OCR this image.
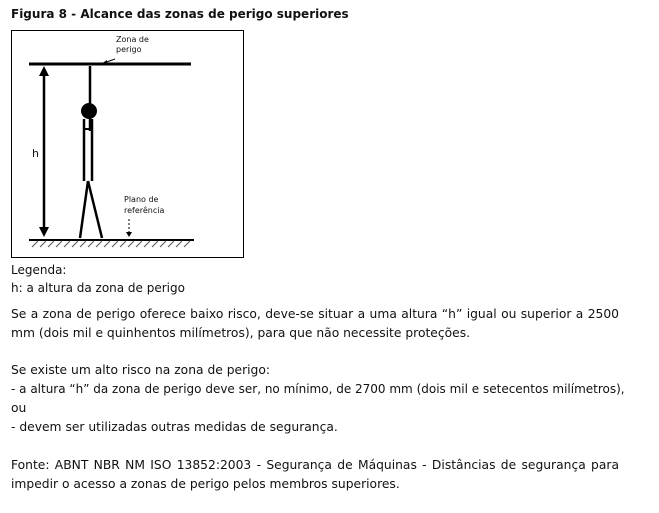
Figura 8 - Alcance das zonas de perigo superiores
Zona de
perigo
h
Plano de
referência
Legenda:
h: a altura da zona de perigo
Se a zona de perigo oferece baixo risco, deve-se situar a uma altura “h” igual ou superior a 2500 mm (dois mil e quinhentos milímetros), para que não necessite proteções.
Se existe um alto risco na zona de perigo:
- a altura “h” da zona de perigo deve ser, no mínimo, de 2700 mm (dois mil e setecentos milímetros),
ou
- devem ser utilizadas outras medidas de segurança.
Fonte: ABNT NBR NM ISO 13852:2003 - Segurança de Máquinas - Distâncias de segurança para impedir o acesso a zonas de perigo pelos membros superiores.
